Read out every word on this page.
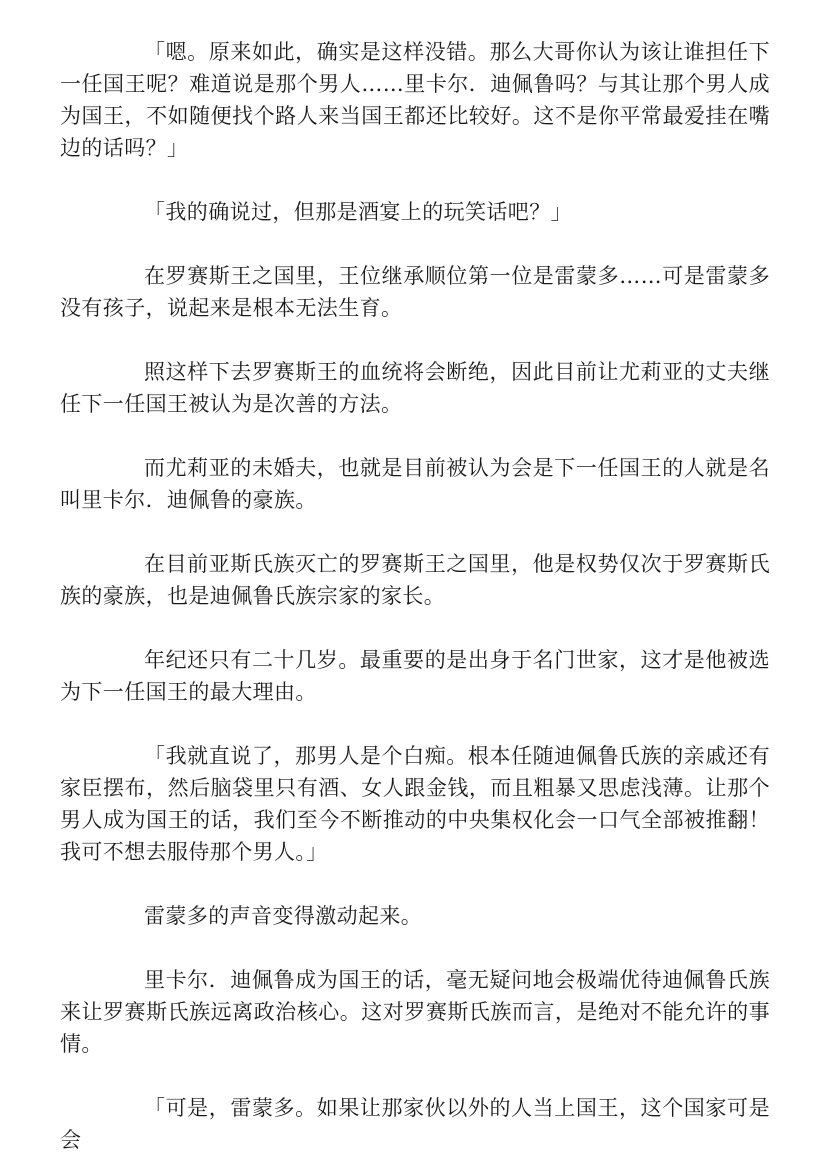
「嗯。原来如此，确实是这样没错。那么大哥你认为该让谁担任下一任国王呢？难道说是那个男人……里卡尔．迪佩鲁吗？与其让那个男人成为国王，不如随便找个路人来当国王都还比较好。这不是你平常最爱挂在嘴边的话吗？」

「我的确说过，但那是酒宴上的玩笑话吧？」

在罗赛斯王之国里，王位继承顺位第一位是雷蒙多……可是雷蒙多没有孩子，说起来是根本无法生育。

照这样下去罗赛斯王的血统将会断绝，因此目前让尤莉亚的丈夫继任下一任国王被认为是次善的方法。

而尤莉亚的未婚夫，也就是目前被认为会是下一任国王的人就是名叫里卡尔．迪佩鲁的豪族。

在目前亚斯氏族灭亡的罗赛斯王之国里，他是权势仅次于罗赛斯氏族的豪族，也是迪佩鲁氏族宗家的家长。

年纪还只有二十几岁。最重要的是出身于名门世家，这才是他被选为下一任国王的最大理由。

「我就直说了，那男人是个白痴。根本任随迪佩鲁氏族的亲戚还有家臣摆布，然后脑袋里只有酒、女人跟金钱，而且粗暴又思虑浅薄。让那个男人成为国王的话，我们至今不断推动的中央集权化会一口气全部被推翻！我可不想去服侍那个男人。」

雷蒙多的声音变得激动起来。

里卡尔．迪佩鲁成为国王的话，毫无疑问地会极端优待迪佩鲁氏族来让罗赛斯氏族远离政治核心。这对罗赛斯氏族而言，是绝对不能允许的事情。

「可是，雷蒙多。如果让那家伙以外的人当上国王，这个国家可是会
